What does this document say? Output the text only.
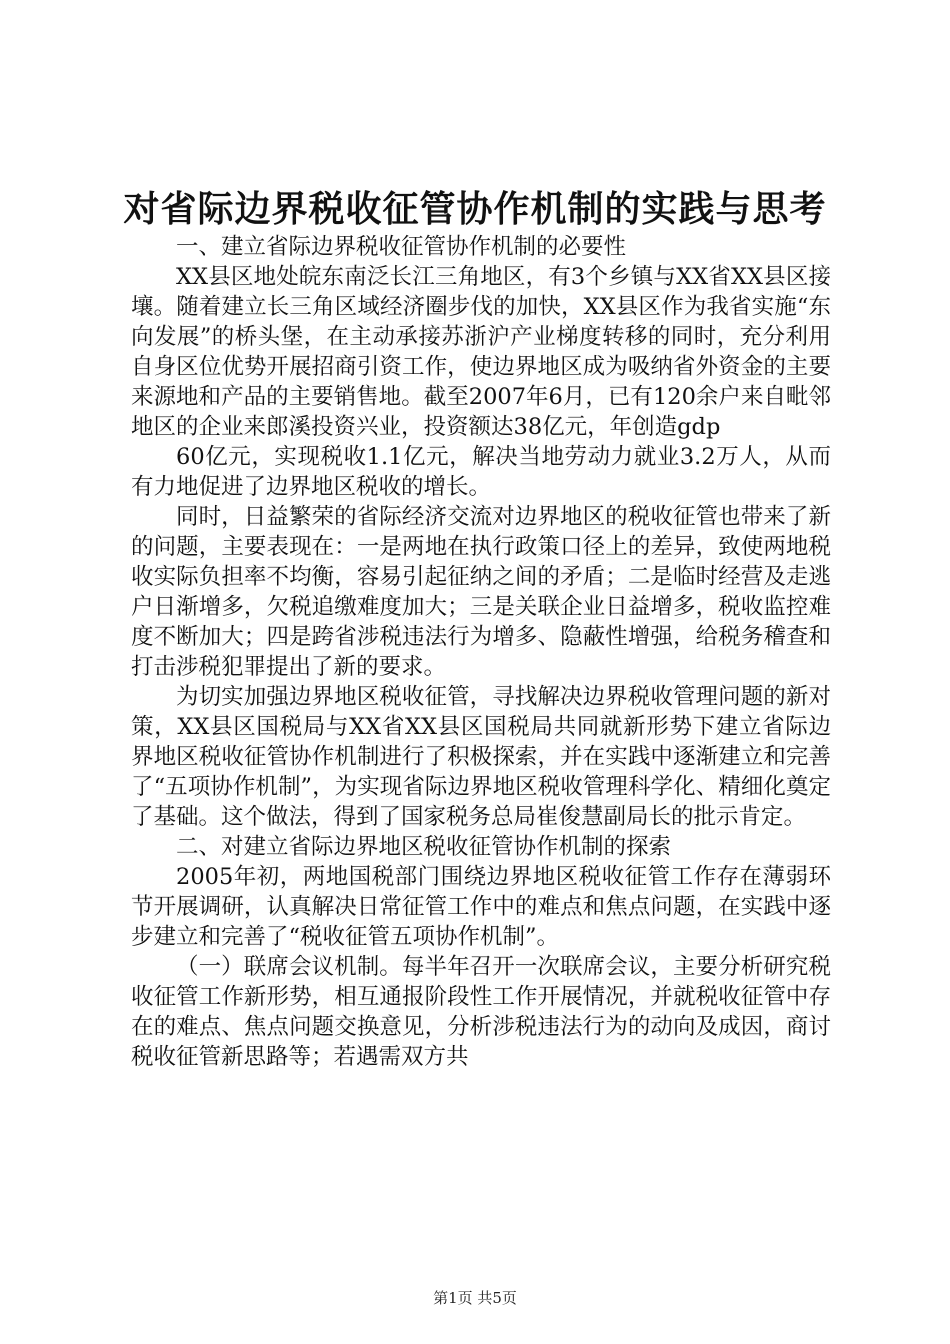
对省际边界税收征管协作机制的实践与思考

一、建立省际边界税收征管协作机制的必要性

XX县区地处皖东南泛长江三角地区，有3个乡镇与XX省XX县区接壤。随着建立长三角区域经济圈步伐的加快，XX县区作为我省实施“东向发展”的桥头堡，在主动承接苏浙沪产业梯度转移的同时，充分利用自身区位优势开展招商引资工作，使边界地区成为吸纳省外资金的主要来源地和产品的主要销售地。截至2007年6月，已有120余户来自毗邻地区的企业来郎溪投资兴业，投资额达38亿元，年创造gdp

60亿元，实现税收1.1亿元，解决当地劳动力就业3.2万人，从而有力地促进了边界地区税收的增长。

同时，日益繁荣的省际经济交流对边界地区的税收征管也带来了新的问题，主要表现在：一是两地在执行政策口径上的差异，致使两地税收实际负担率不均衡，容易引起征纳之间的矛盾；二是临时经营及走逃户日渐增多，欠税追缴难度加大；三是关联企业日益增多，税收监控难度不断加大；四是跨省涉税违法行为增多、隐蔽性增强，给税务稽查和打击涉税犯罪提出了新的要求。

为切实加强边界地区税收征管，寻找解决边界税收管理问题的新对策，XX县区国税局与XX省XX县区国税局共同就新形势下建立省际边界地区税收征管协作机制进行了积极探索，并在实践中逐渐建立和完善了“五项协作机制”，为实现省际边界地区税收管理科学化、精细化奠定了基础。这个做法，得到了国家税务总局崔俊慧副局长的批示肯定。

二、对建立省际边界地区税收征管协作机制的探索

2005年初，两地国税部门围绕边界地区税收征管工作存在薄弱环节开展调研，认真解决日常征管工作中的难点和焦点问题，在实践中逐步建立和完善了“税收征管五项协作机制”。

（一）联席会议机制。每半年召开一次联席会议，主要分析研究税收征管工作新形势，相互通报阶段性工作开展情况，并就税收征管中存在的难点、焦点问题交换意见，分析涉税违法行为的动向及成因，商讨税收征管新思路等；若遇需双方共

第1页 共5页
